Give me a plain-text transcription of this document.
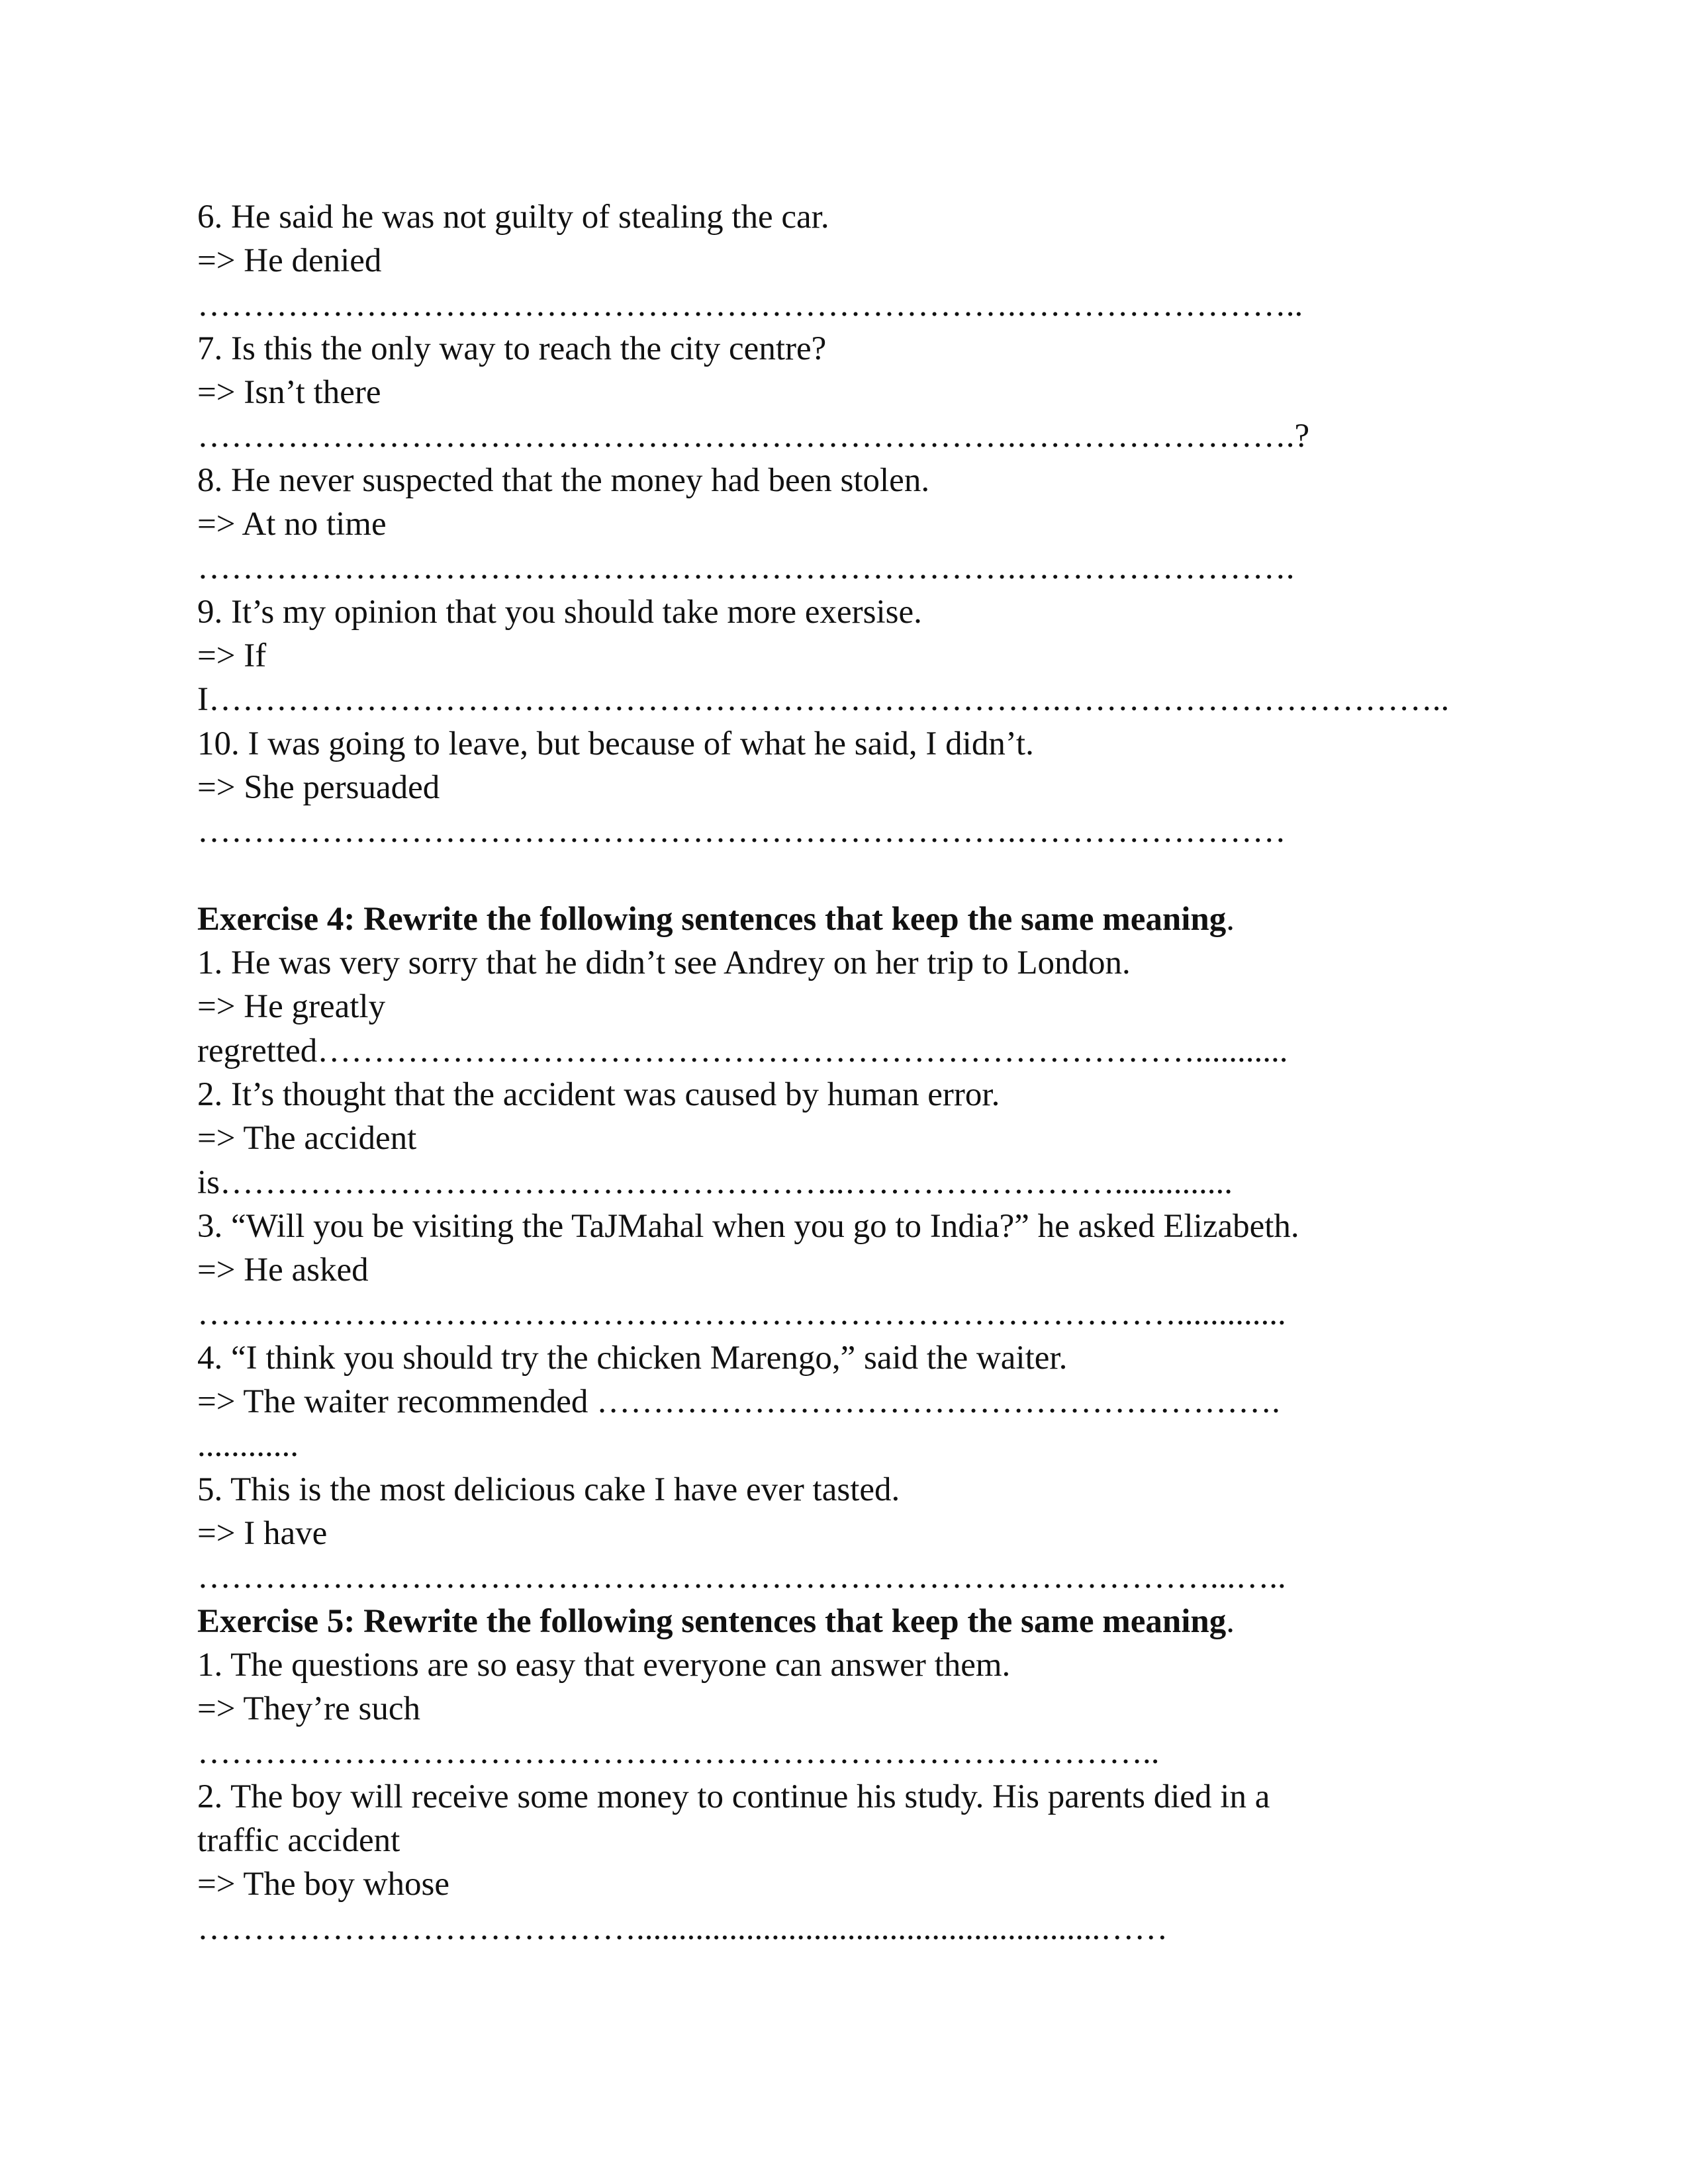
6. He said he was not guilty of stealing the car.
=> He denied
……………………………………………………………….……………………..
7. Is this the only way to reach the city centre?
=> Isn’t there
……………………………………………………………….…………………….?
8. He never suspected that the money had been stolen.
=> At no time
……………………………………………………………….…………………….
9. It’s my opinion that you should take more exersise.
=> If
I………………………………………………………………….……………………………..
10. I was going to leave, but because of what he said, I didn’t.
=> She persuaded
……………………………………………………………….……………………
Exercise 4: Rewrite the following sentences that keep the same meaning.
1. He was very sorry that he didn’t see Andrey on her trip to London.
=> He greatly
regretted……………………………………………………………………...........
2. It’s thought that the accident was caused by human error.
=> The accident
is………………………………………………..……………………..............
3. “Will you be visiting the TaJMahal when you go to India?” he asked Elizabeth.
=> He asked
…………………………………………………………………………….............
4. “I think you should try the chicken Marengo,” said the waiter.
=> The waiter recommended …………………………………………………….
............
5. This is the most delicious cake I have ever tasted.
=> I have
………………………………………………………………………………...…..
Exercise 5: Rewrite the following sentences that keep the same meaning.
1. The questions are so easy that everyone can answer them.
=> They’re such
…………………………………………………………………………..
2. The boy will receive some money to continue his study. His parents died in a
traffic accident
=> The boy whose
………………………………….......................................................……
